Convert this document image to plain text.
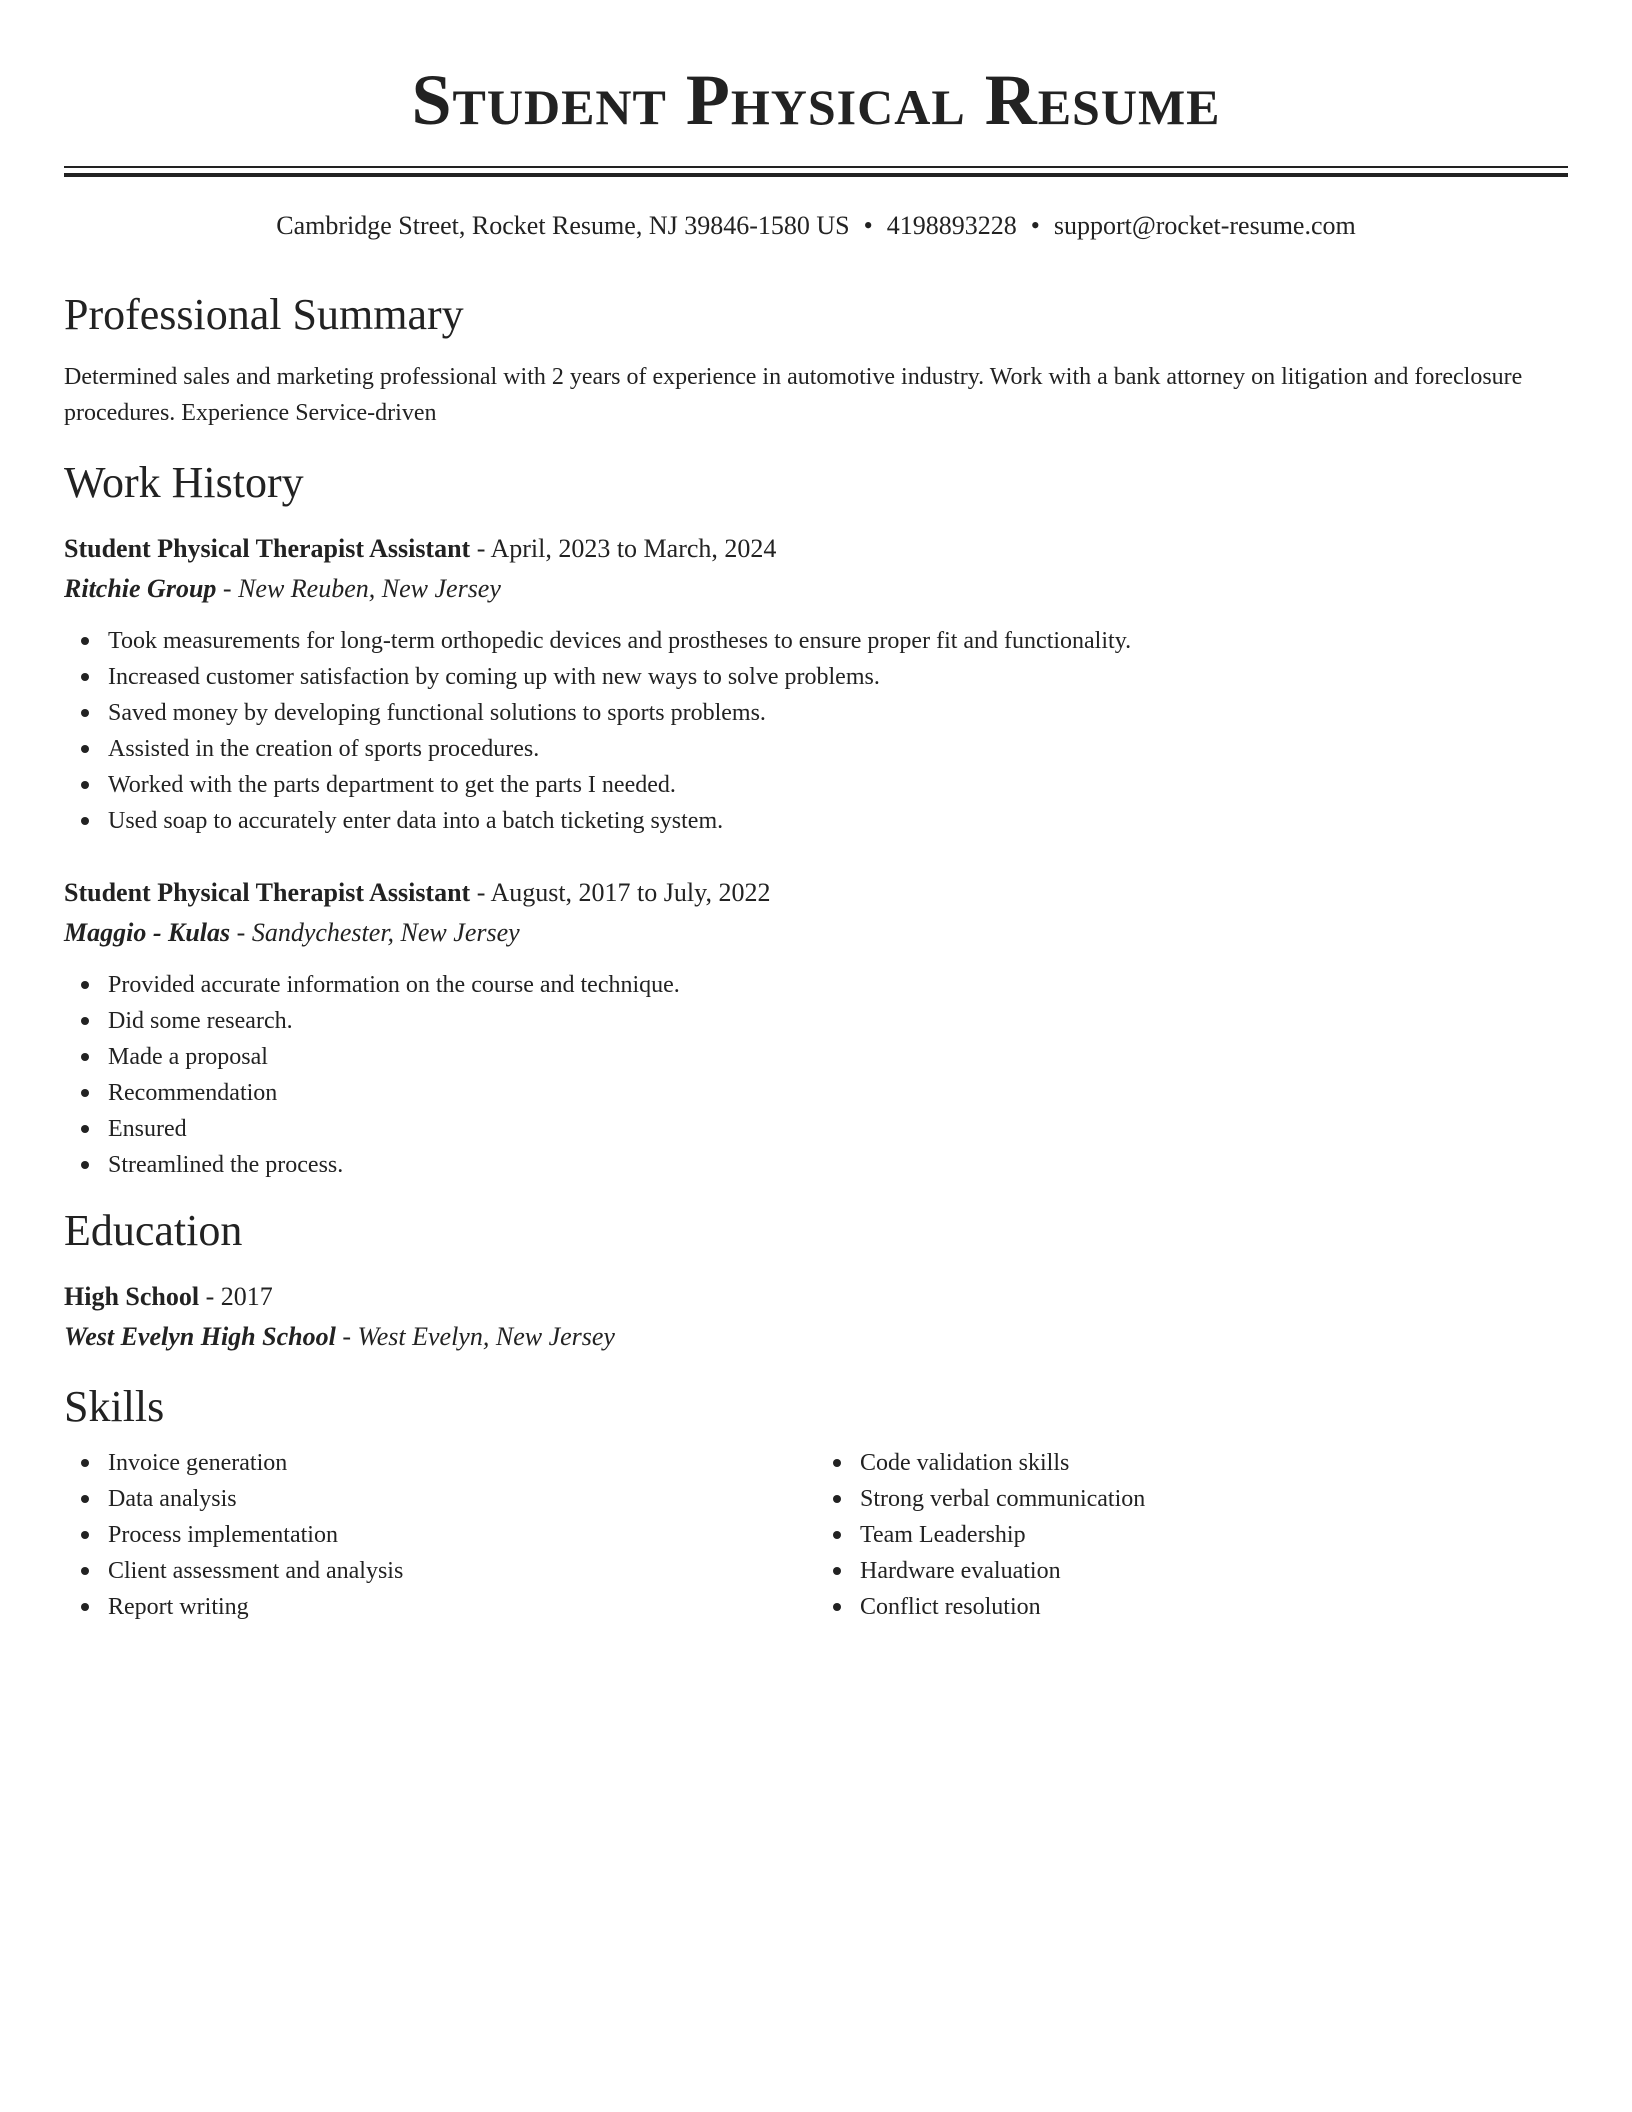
Student Physical Resume
Cambridge Street, Rocket Resume, NJ 39846-1580 US • 4198893228 • support@rocket-resume.com
Professional Summary

Determined sales and marketing professional with 2 years of experience in automotive industry. Work with a bank attorney on litigation and foreclosure procedures. Experience Service-driven

Work History
Student Physical Therapist Assistant - April, 2023 to March, 2024
Ritchie Group - New Reuben, New Jersey
Took measurements for long-term orthopedic devices and prostheses to ensure proper fit and functionality.
Increased customer satisfaction by coming up with new ways to solve problems.
Saved money by developing functional solutions to sports problems.
Assisted in the creation of sports procedures.
Worked with the parts department to get the parts I needed.
Used soap to accurately enter data into a batch ticketing system.
Student Physical Therapist Assistant - August, 2017 to July, 2022
Maggio - Kulas - Sandychester, New Jersey
Provided accurate information on the course and technique.
Did some research.
Made a proposal
Recommendation
Ensured
Streamlined the process.
Education
High School - 2017
West Evelyn High School - West Evelyn, New Jersey
Skills
Invoice generation
Data analysis
Process implementation
Client assessment and analysis
Report writing
Code validation skills
Strong verbal communication
Team Leadership
Hardware evaluation
Conflict resolution
